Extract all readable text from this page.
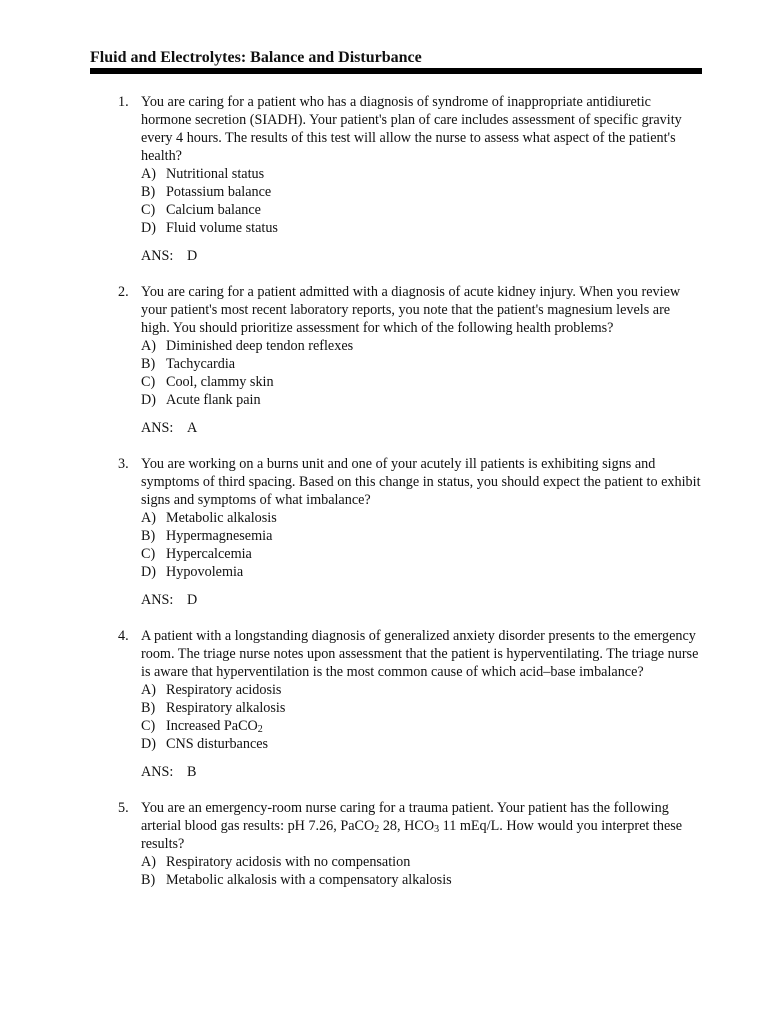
Fluid and Electrolytes: Balance and Disturbance
1. You are caring for a patient who has a diagnosis of syndrome of inappropriate antidiuretic hormone secretion (SIADH). Your patient's plan of care includes assessment of specific gravity every 4 hours. The results of this test will allow the nurse to assess what aspect of the patient's health?

A) Nutritional status
B) Potassium balance
C) Calcium balance
D) Fluid volume status
ANS: D
2. You are caring for a patient admitted with a diagnosis of acute kidney injury. When you review your patient's most recent laboratory reports, you note that the patient's magnesium levels are high. You should prioritize assessment for which of the following health problems?

A) Diminished deep tendon reflexes
B) Tachycardia
C) Cool, clammy skin
D) Acute flank pain
ANS: A
3. You are working on a burns unit and one of your acutely ill patients is exhibiting signs and symptoms of third spacing. Based on this change in status, you should expect the patient to exhibit signs and symptoms of what imbalance?

A) Metabolic alkalosis
B) Hypermagnesemia
C) Hypercalcemia
D) Hypovolemia
ANS: D
4. A patient with a longstanding diagnosis of generalized anxiety disorder presents to the emergency room. The triage nurse notes upon assessment that the patient is hyperventilating. The triage nurse is aware that hyperventilation is the most common cause of which acid–base imbalance?

A) Respiratory acidosis
B) Respiratory alkalosis
C) Increased PaCO$_2$
D) CNS disturbances
ANS: B
5. You are an emergency-room nurse caring for a trauma patient. Your patient has the following arterial blood gas results: pH 7.26, PaCO$_2$ 28, $HCO_3$ 11 mEq/L. How would you interpret these results?

A) Respiratory acidosis with no compensation
B) Metabolic alkalosis with a compensatory alkalosis
